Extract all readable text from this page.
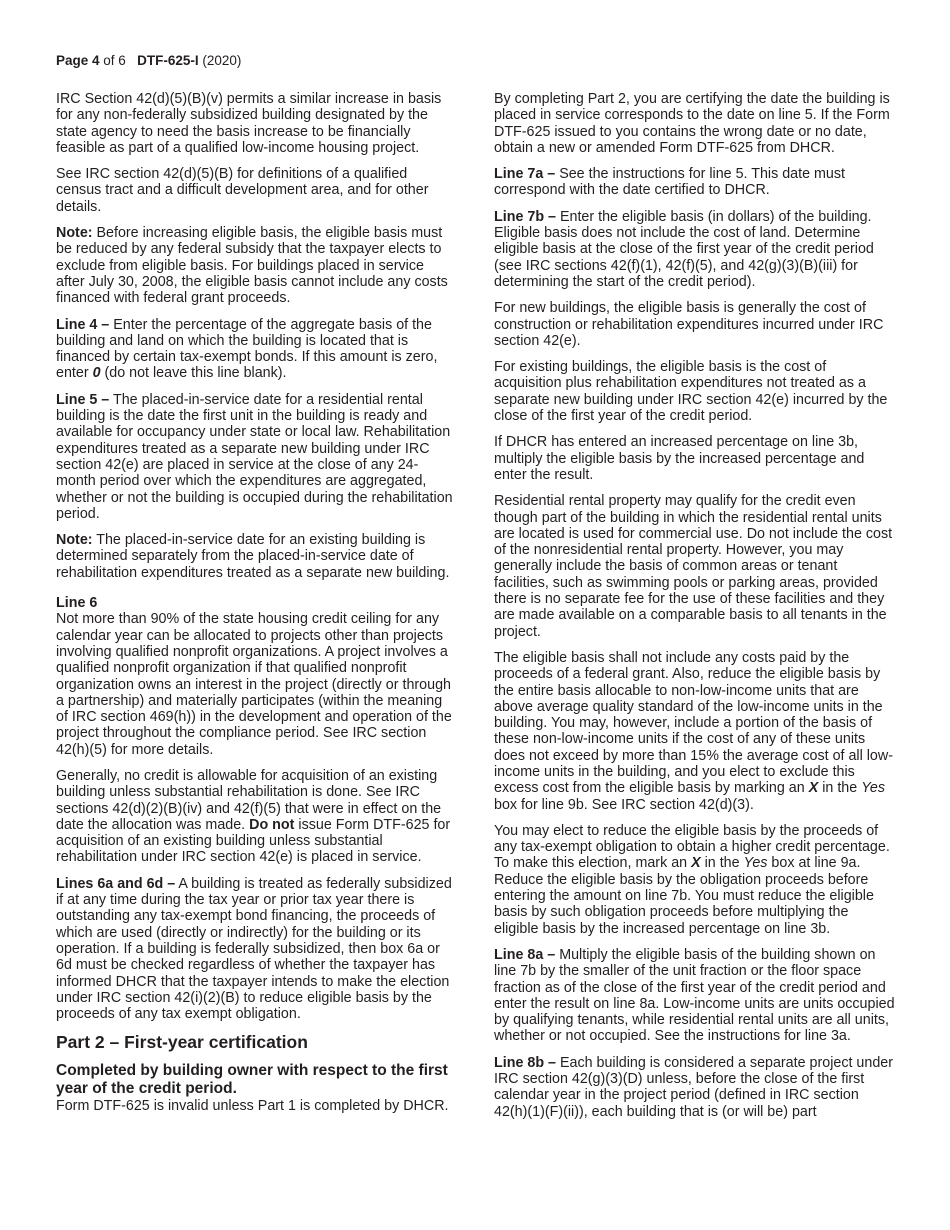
Page 4 of 6 DTF-625-I (2020)

IRC Section 42(d)(5)(B)(v) permits a similar increase in basis for any non-federally subsidized building designated by the state agency to need the basis increase to be financially feasible as part of a qualified low-income housing project.

See IRC section 42(d)(5)(B) for definitions of a qualified census tract and a difficult development area, and for other details.

Note: Before increasing eligible basis, the eligible basis must be reduced by any federal subsidy that the taxpayer elects to exclude from eligible basis. For buildings placed in service after July 30, 2008, the eligible basis cannot include any costs financed with federal grant proceeds.

Line 4 – Enter the percentage of the aggregate basis of the building and land on which the building is located that is financed by certain tax-exempt bonds. If this amount is zero, enter 0 (do not leave this line blank).

Line 5 – The placed-in-service date for a residential rental building is the date the first unit in the building is ready and available for occupancy under state or local law. Rehabilitation expenditures treated as a separate new building under IRC section 42(e) are placed in service at the close of any 24-month period over which the expenditures are aggregated, whether or not the building is occupied during the rehabilitation period.

Note: The placed-in-service date for an existing building is determined separately from the placed-in-service date of rehabilitation expenditures treated as a separate new building.

Line 6

Not more than 90% of the state housing credit ceiling for any calendar year can be allocated to projects other than projects involving qualified nonprofit organizations. A project involves a qualified nonprofit organization if that qualified nonprofit organization owns an interest in the project (directly or through a partnership) and materially participates (within the meaning of IRC section 469(h)) in the development and operation of the project throughout the compliance period. See IRC section 42(h)(5) for more details.

Generally, no credit is allowable for acquisition of an existing building unless substantial rehabilitation is done. See IRC sections 42(d)(2)(B)(iv) and 42(f)(5) that were in effect on the date the allocation was made. Do not issue Form DTF-625 for acquisition of an existing building unless substantial rehabilitation under IRC section 42(e) is placed in service.

Lines 6a and 6d – A building is treated as federally subsidized if at any time during the tax year or prior tax year there is outstanding any tax-exempt bond financing, the proceeds of which are used (directly or indirectly) for the building or its operation. If a building is federally subsidized, then box 6a or 6d must be checked regardless of whether the taxpayer has informed DHCR that the taxpayer intends to make the election under IRC section 42(i)(2)(B) to reduce eligible basis by the proceeds of any tax exempt obligation.

Part 2 – First-year certification
Completed by building owner with respect to the first year of the credit period.

Form DTF-625 is invalid unless Part 1 is completed by DHCR.

By completing Part 2, you are certifying the date the building is placed in service corresponds to the date on line 5. If the Form DTF-625 issued to you contains the wrong date or no date, obtain a new or amended Form DTF-625 from DHCR.

Line 7a – See the instructions for line 5. This date must correspond with the date certified to DHCR.

Line 7b – Enter the eligible basis (in dollars) of the building. Eligible basis does not include the cost of land. Determine eligible basis at the close of the first year of the credit period (see IRC sections 42(f)(1), 42(f)(5), and 42(g)(3)(B)(iii) for determining the start of the credit period).

For new buildings, the eligible basis is generally the cost of construction or rehabilitation expenditures incurred under IRC section 42(e).

For existing buildings, the eligible basis is the cost of acquisition plus rehabilitation expenditures not treated as a separate new building under IRC section 42(e) incurred by the close of the first year of the credit period.

If DHCR has entered an increased percentage on line 3b, multiply the eligible basis by the increased percentage and enter the result.

Residential rental property may qualify for the credit even though part of the building in which the residential rental units are located is used for commercial use. Do not include the cost of the nonresidential rental property. However, you may generally include the basis of common areas or tenant facilities, such as swimming pools or parking areas, provided there is no separate fee for the use of these facilities and they are made available on a comparable basis to all tenants in the project.

The eligible basis shall not include any costs paid by the proceeds of a federal grant. Also, reduce the eligible basis by the entire basis allocable to non-low-income units that are above average quality standard of the low-income units in the building. You may, however, include a portion of the basis of these non-low-income units if the cost of any of these units does not exceed by more than 15% the average cost of all low-income units in the building, and you elect to exclude this excess cost from the eligible basis by marking an X in the Yes box for line 9b. See IRC section 42(d)(3).

You may elect to reduce the eligible basis by the proceeds of any tax-exempt obligation to obtain a higher credit percentage. To make this election, mark an X in the Yes box at line 9a. Reduce the eligible basis by the obligation proceeds before entering the amount on line 7b. You must reduce the eligible basis by such obligation proceeds before multiplying the eligible basis by the increased percentage on line 3b.

Line 8a – Multiply the eligible basis of the building shown on line 7b by the smaller of the unit fraction or the floor space fraction as of the close of the first year of the credit period and enter the result on line 8a. Low-income units are units occupied by qualifying tenants, while residential rental units are all units, whether or not occupied. See the instructions for line 3a.

Line 8b – Each building is considered a separate project under IRC section 42(g)(3)(D) unless, before the close of the first calendar year in the project period (defined in IRC section 42(h)(1)(F)(ii)), each building that is (or will be) part
